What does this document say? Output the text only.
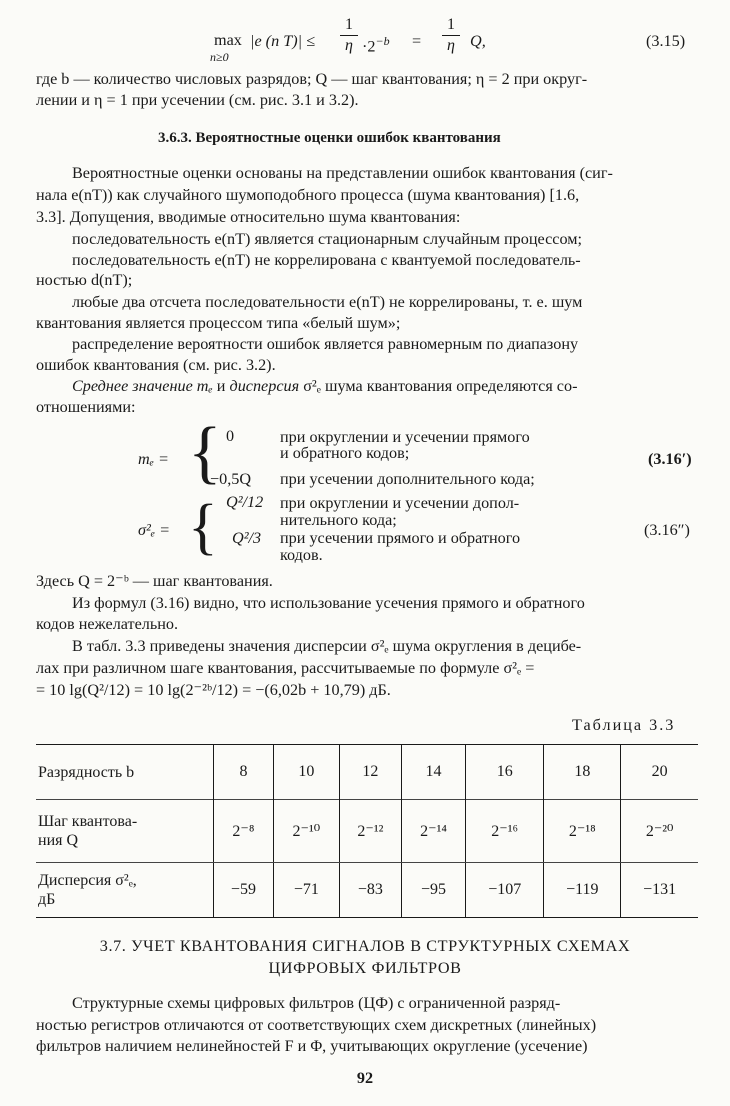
max
n≥0
|e (n T)| ≤
1
$\eta \cdot 2^{-b}$ =
1
η Q,	(3.15)
где b — количество числовых разрядов; Q — шаг квантования; η = 2 при округ-
лении и η = 1 при усечении (см. рис. 3.1 и 3.2).
3.6.3. Вероятностные оценки ошибок квантования
Вероятностные оценки основаны на представлении ошибок квантования (сиг-
нала e(nT)) как случайного шумоподобного процесса (шума квантования) [1.6,
3.3]. Допущения, вводимые относительно шума квантования:
последовательность e(nT) является стационарным случайным процессом;
последовательность e(nT) не коррелирована с квантуемой последователь-
ностью d(nT);
любые два отсчета последовательности e(nT) не коррелированы, т. е. шум
квантования является процессом типа «белый шум»;
распределение вероятности ошибок является равномерным по диапазону
ошибок квантования (см. рис. 3.2).
Среднее значение mₑ и дисперсия σ²ₑ шума квантования определяются со-
отношениями:
mₑ = { 0	при округлении и усечении прямого
и обратного кодов;
−0,5Q при усечении дополнительного кода;
(3.16′)
σ²ₑ = { Q²/12 при округлении и усечении допол-
нительного кода;
Q²/3 при усечении прямого и обратного
кодов.
(3.16″)
Здесь Q = 2⁻ᵇ — шаг квантования.
Из формул (3.16) видно, что использование усечения прямого и обратного
кодов нежелательно.
В табл. 3.3 приведены значения дисперсии σ²ₑ шума округления в децибе-
лах при различном шаге квантования, рассчитываемые по формуле σ²ₑ =
= 10 lg(Q²/12) = 10 lg(2⁻²ᵇ/12) = −(6,02b + 10,79) дБ.
Таблица 3.3
Разрядность b	8	10	12	14	16	18	20
Шаг квантова-
ния Q	2⁻⁸	2⁻¹⁰	2⁻¹²	2⁻¹⁴	2⁻¹⁶	2⁻¹⁸	2⁻²⁰
Дисперсия σ²ₑ,
дБ	−59	−71	−83	−95	−107	−119	−131
3.7. УЧЕТ КВАНТОВАНИЯ СИГНАЛОВ В СТРУКТУРНЫХ СХЕМАХ
ЦИФРОВЫХ ФИЛЬТРОВ
Структурные схемы цифровых фильтров (ЦФ) с ограниченной разряд-
ностью регистров отличаются от соответствующих схем дискретных (линейных)
фильтров наличием нелинейностей F и Φ, учитывающих округление (усечение)
92
